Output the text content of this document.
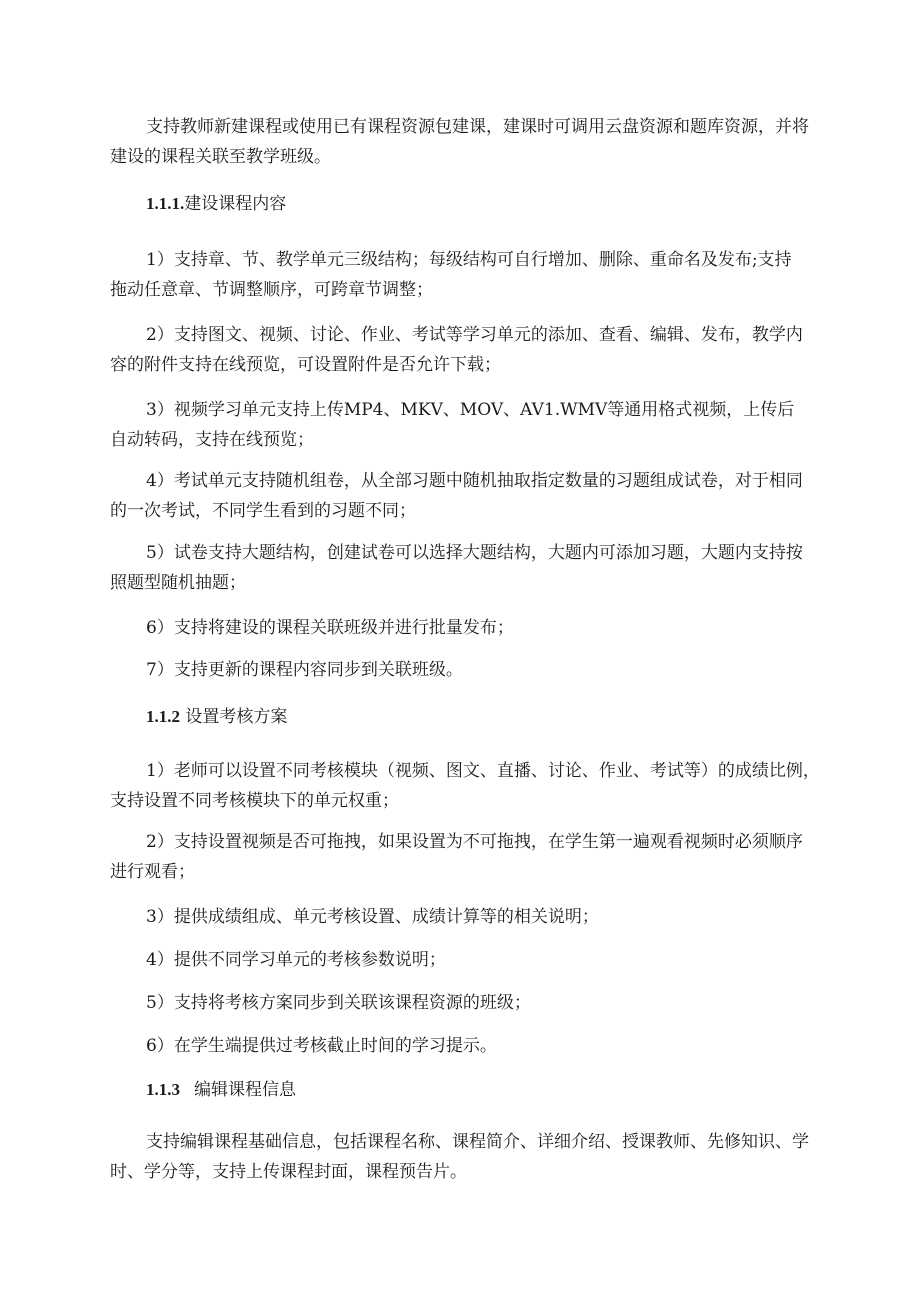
支持教师新建课程或使用已有课程资源包建课，建课时可调用云盘资源和题库资源，并将
建设的课程关联至教学班级。

1.1.1.建设课程内容

1）支持章、节、教学单元三级结构；每级结构可自行增加、删除、重命名及发布;支持
拖动任意章、节调整顺序，可跨章节调整；

2）支持图文、视频、讨论、作业、考试等学习单元的添加、查看、编辑、发布，教学内
容的附件支持在线预览，可设置附件是否允许下载；

3）视频学习单元支持上传MP4、MKV、MOV、AV1.WMV等通用格式视频，上传后
自动转码，支持在线预览；

4）考试单元支持随机组卷，从全部习题中随机抽取指定数量的习题组成试卷，对于相同
的一次考试，不同学生看到的习题不同；

5）试卷支持大题结构，创建试卷可以选择大题结构，大题内可添加习题，大题内支持按
照题型随机抽题；

6）支持将建设的课程关联班级并进行批量发布；

7）支持更新的课程内容同步到关联班级。

1.1.2 设置考核方案

1）老师可以设置不同考核模块（视频、图文、直播、讨论、作业、考试等）的成绩比例，
支持设置不同考核模块下的单元权重；

2）支持设置视频是否可拖拽，如果设置为不可拖拽，在学生第一遍观看视频时必须顺序
进行观看；

3）提供成绩组成、单元考核设置、成绩计算等的相关说明；

4）提供不同学习单元的考核参数说明；

5）支持将考核方案同步到关联该课程资源的班级；

6）在学生端提供过考核截止时间的学习提示。

1.1.3 编辑课程信息

支持编辑课程基础信息，包括课程名称、课程简介、详细介绍、授课教师、先修知识、学
时、学分等，支持上传课程封面，课程预告片。
